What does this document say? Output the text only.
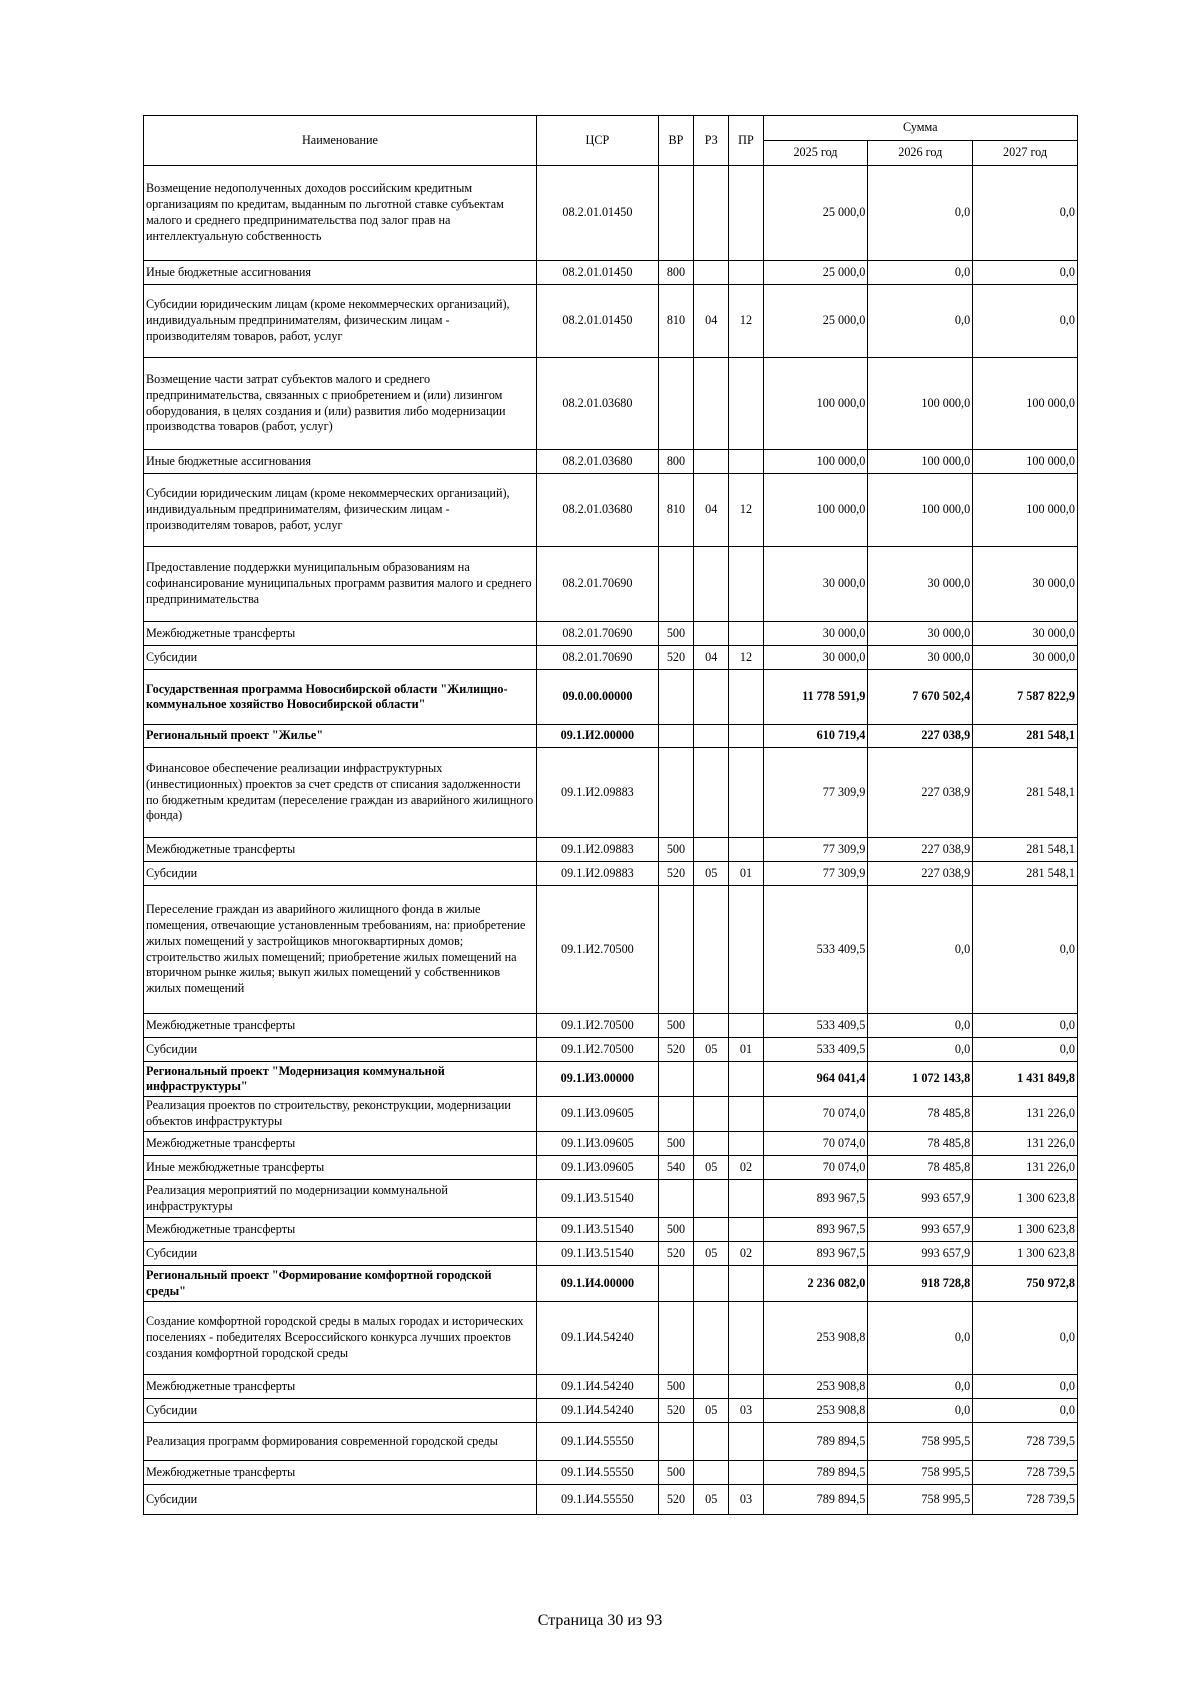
Наименование	ЦСР	ВР	РЗ	ПР	Сумма		
					2025 год	2026 год	2027 год
Возмещение недополученных доходов российским кредитным организациям по кредитам, выданным по льготной ставке субъектам малого и среднего предпринимательства под залог прав на интеллектуальную собственность	08.2.01.01450				25 000,0	0,0	0,0
Иные бюджетные ассигнования	08.2.01.01450	800			25 000,0	0,0	0,0
Субсидии юридическим лицам (кроме некоммерческих организаций), индивидуальным предпринимателям, физическим лицам - производителям товаров, работ, услуг	08.2.01.01450	810	04	12	25 000,0	0,0	0,0
Возмещение части затрат субъектов малого и среднего предпринимательства, связанных с приобретением и (или) лизингом оборудования, в целях создания и (или) развития либо модернизации производства товаров (работ, услуг)	08.2.01.03680				100 000,0	100 000,0	100 000,0
Иные бюджетные ассигнования	08.2.01.03680	800			100 000,0	100 000,0	100 000,0
Субсидии юридическим лицам (кроме некоммерческих организаций), индивидуальным предпринимателям, физическим лицам - производителям товаров, работ, услуг	08.2.01.03680	810	04	12	100 000,0	100 000,0	100 000,0
Предоставление поддержки муниципальным образованиям на софинансирование муниципальных программ развития малого и среднего предпринимательства	08.2.01.70690				30 000,0	30 000,0	30 000,0
Межбюджетные трансферты	08.2.01.70690	500			30 000,0	30 000,0	30 000,0
Субсидии	08.2.01.70690	520	04	12	30 000,0	30 000,0	30 000,0
Государственная программа Новосибирской области "Жилищно-коммунальное хозяйство Новосибирской области"	09.0.00.00000				11 778 591,9	7 670 502,4	7 587 822,9
Региональный проект "Жилье"	09.1.И2.00000				610 719,4	227 038,9	281 548,1
Финансовое обеспечение реализации инфраструктурных (инвестиционных) проектов за счет средств от списания задолженности по бюджетным кредитам (переселение граждан из аварийного жилищного фонда)	09.1.И2.09883				77 309,9	227 038,9	281 548,1
Межбюджетные трансферты	09.1.И2.09883	500			77 309,9	227 038,9	281 548,1
Субсидии	09.1.И2.09883	520	05	01	77 309,9	227 038,9	281 548,1
Переселение граждан из аварийного жилищного фонда в жилые помещения, отвечающие установленным требованиям, на: приобретение жилых помещений у застройщиков многоквартирных домов; строительство жилых помещений; приобретение жилых помещений на вторичном рынке жилья; выкуп жилых помещений у собственников жилых помещений	09.1.И2.70500				533 409,5	0,0	0,0
Межбюджетные трансферты	09.1.И2.70500	500			533 409,5	0,0	0,0
Субсидии	09.1.И2.70500	520	05	01	533 409,5	0,0	0,0
Региональный проект "Модернизация коммунальной инфраструктуры"	09.1.И3.00000				964 041,4	1 072 143,8	1 431 849,8
Реализация проектов по строительству, реконструкции, модернизации объектов инфраструктуры	09.1.И3.09605				70 074,0	78 485,8	131 226,0
Межбюджетные трансферты	09.1.И3.09605	500			70 074,0	78 485,8	131 226,0
Иные межбюджетные трансферты	09.1.И3.09605	540	05	02	70 074,0	78 485,8	131 226,0
Реализация мероприятий по модернизации коммунальной инфраструктуры	09.1.И3.51540				893 967,5	993 657,9	1 300 623,8
Межбюджетные трансферты	09.1.И3.51540	500			893 967,5	993 657,9	1 300 623,8
Субсидии	09.1.И3.51540	520	05	02	893 967,5	993 657,9	1 300 623,8
Региональный проект "Формирование комфортной городской среды"	09.1.И4.00000				2 236 082,0	918 728,8	750 972,8
Создание комфортной городской среды в малых городах и исторических поселениях - победителях Всероссийского конкурса лучших проектов создания комфортной городской среды	09.1.И4.54240				253 908,8	0,0	0,0
Межбюджетные трансферты	09.1.И4.54240	500			253 908,8	0,0	0,0
Субсидии	09.1.И4.54240	520	05	03	253 908,8	0,0	0,0
Реализация программ формирования современной городской среды	09.1.И4.55550				789 894,5	758 995,5	728 739,5
Межбюджетные трансферты	09.1.И4.55550	500			789 894,5	758 995,5	728 739,5
Субсидии	09.1.И4.55550	520	05	03	789 894,5	758 995,5	728 739,5
Страница 30 из 93
